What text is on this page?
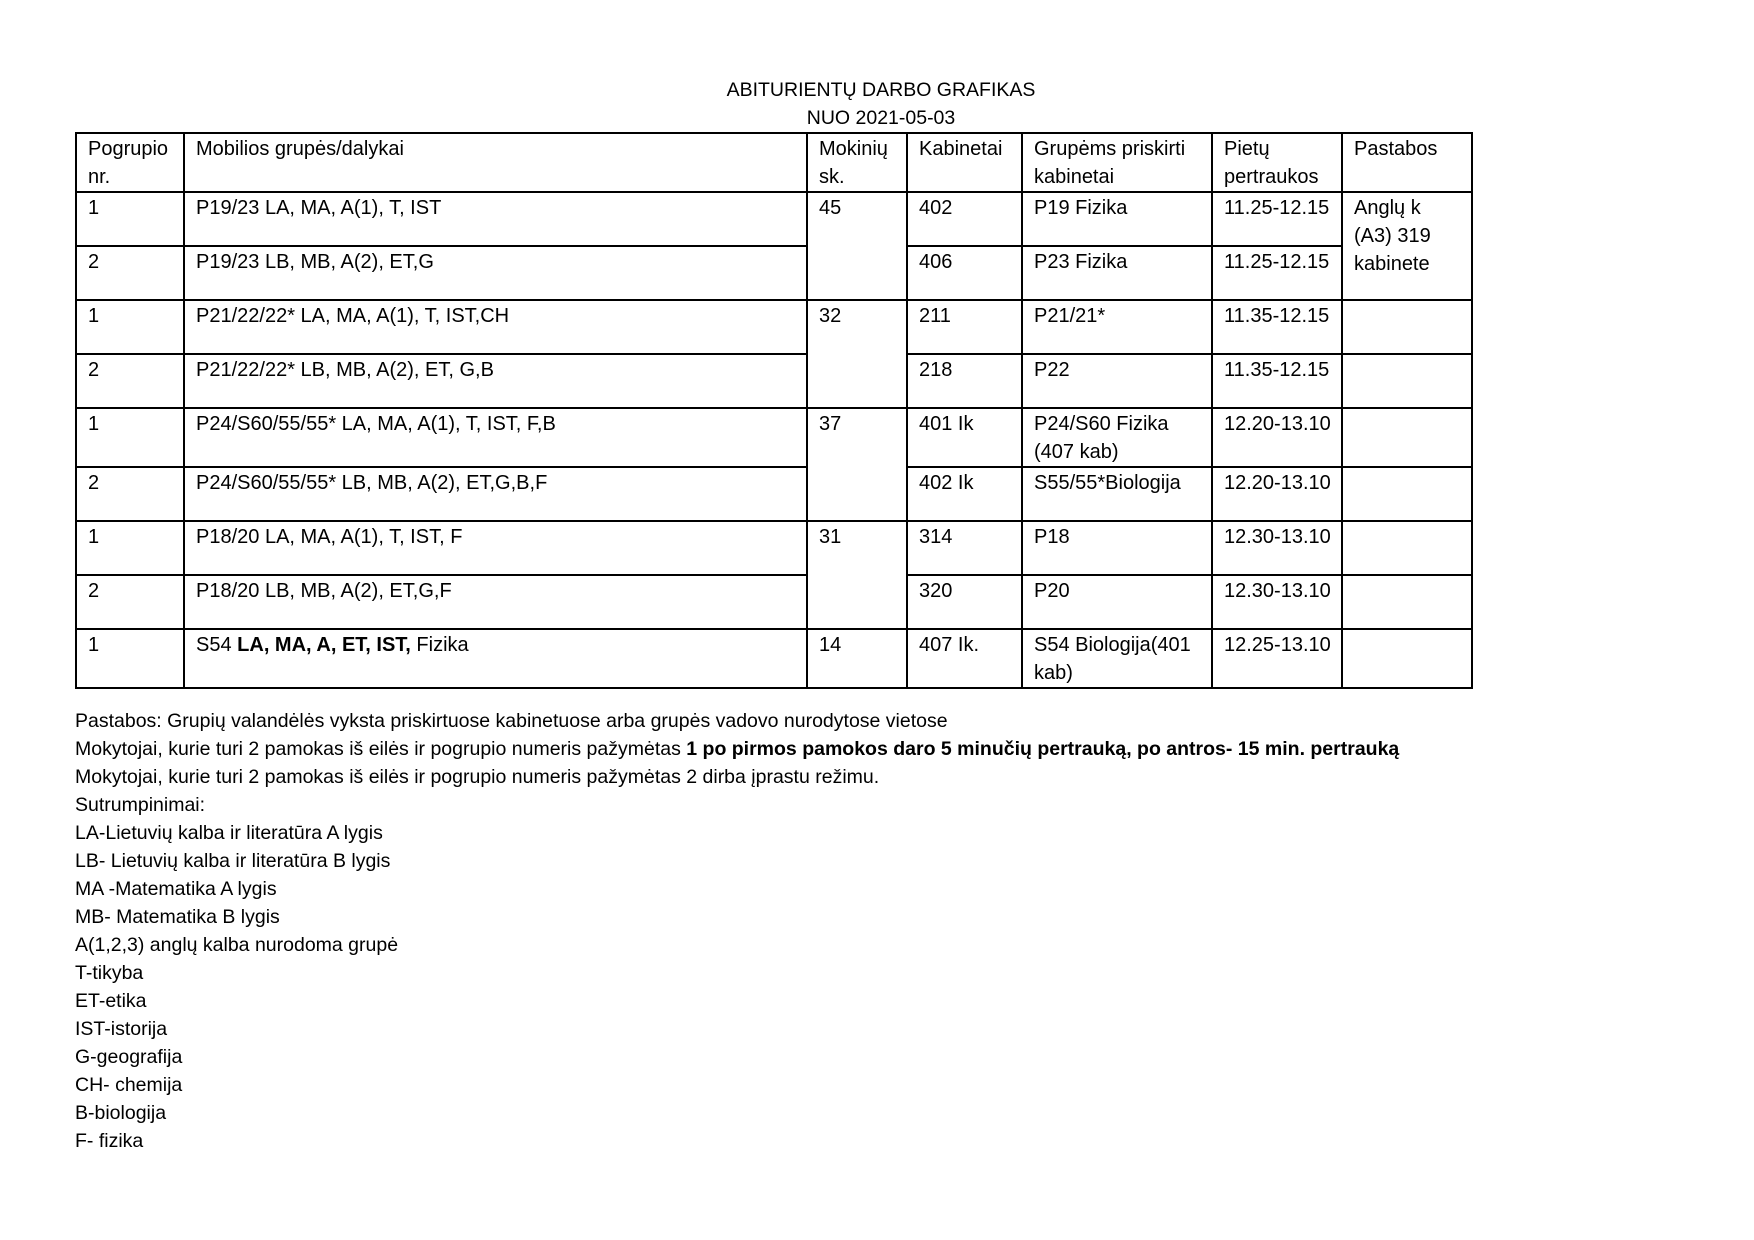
ABITURIENTŲ DARBO GRAFIKAS
NUO 2021-05-03
Pogrupio nr.	Mobilios grupės/dalykai	Mokinių sk.	Kabinetai	Grupėms priskirti kabinetai	Pietų pertraukos	Pastabos
1	P19/23 LA, MA, A(1), T, IST	45	402	P19 Fizika	11.25-12.15	Anglų k (A3) 319 kabinete
2	P19/23 LB, MB, A(2), ET,G		406	P23 Fizika	11.25-12.15	
1	P21/22/22* LA, MA, A(1), T, IST,CH	32	211	P21/21*	11.35-12.15	
2	P21/22/22* LB, MB, A(2), ET, G,B		218	P22	11.35-12.15	
1	P24/S60/55/55* LA, MA, A(1), T, IST, F,B	37	401 Ik	P24/S60 Fizika (407 kab)	12.20-13.10	
2	P24/S60/55/55* LB, MB, A(2), ET,G,B,F		402 Ik	S55/55*Biologija	12.20-13.10	
1	P18/20 LA, MA, A(1), T, IST, F	31	314	P18	12.30-13.10	
2	P18/20 LB, MB, A(2), ET,G,F		320	P20	12.30-13.10	
1	S54 LA, MA, A, ET, IST, Fizika	14	407 Ik.	S54 Biologija(401 kab)	12.25-13.10	
Pastabos: Grupių valandėlės vyksta priskirtuose kabinetuose arba grupės vadovo nurodytose vietose
Mokytojai, kurie turi 2 pamokas iš eilės ir pogrupio numeris pažymėtas 1 po pirmos pamokos daro 5 minučių pertrauką, po antros- 15 min. pertrauką
Mokytojai, kurie turi 2 pamokas iš eilės ir pogrupio numeris pažymėtas 2 dirba įprastu režimu.
Sutrumpinimai:
LA-Lietuvių kalba ir literatūra A lygis
LB- Lietuvių kalba ir literatūra B lygis
MA -Matematika A lygis
MB- Matematika B lygis
A(1,2,3) anglų kalba nurodoma grupė
T-tikyba
ET-etika
IST-istorija
G-geografija
CH- chemija
B-biologija
F- fizika
